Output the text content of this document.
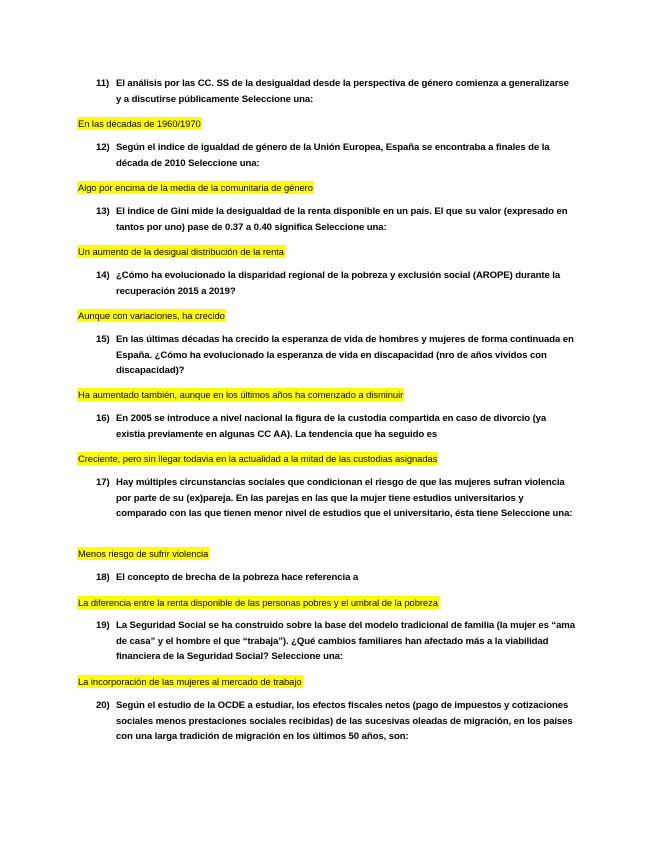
11) El análisis por las CC. SS de la desigualdad desde la perspectiva de género comienza a generalizarse y a discutirse públicamente Seleccione una:
En las décadas de 1960/1970
12) Según el indice de igualdad de género de la Unión Europea, España se encontraba a finales de la década de 2010 Seleccione una:
Algo por encima de la media de la comunitaria de género
13) El indice de Gini mide la desigualdad de la renta disponible en un país. El que su valor (expresado en tantos por uno) pase de 0.37 a 0.40 significa Seleccione una:
Un aumento de la desigual distribución de la renta
14) ¿Cómo ha evolucionado la disparidad regional de la pobreza y exclusión social (AROPE) durante la recuperación 2015 a 2019?
Aunque con variaciones, ha crecido
15) En las últimas décadas ha crecido la esperanza de vida de hombres y mujeres de forma continuada en España. ¿Cómo ha evolucionado la esperanza de vida en discapacidad (nro de años vividos con discapacidad)?
Ha aumentado también, aunque en los últimos años ha comenzado a disminuir
16) En 2005 se introduce a nivel nacional la figura de la custodia compartida en caso de divorcio (ya existia previamente en algunas CC AA). La tendencia que ha seguido es
Creciente, pero sin llegar todavia en la actualidad a la mitad de las custodias asignadas
17) Hay múltiples circunstancias sociales que condicionan el riesgo de que las mujeres sufran violencia por parte de su (ex)pareja. En las parejas en las que la mujer tiene estudios universitarios y comparado con las que tienen menor nivel de estudios que el universitario, ésta tiene Seleccione una:
Menos riesgo de sufrir violencia
18) El concepto de brecha de la pobreza hace referencia a
La diferencia entre la renta disponible de las personas pobres y el umbral de la pobreza
19) La Seguridad Social se ha construido sobre la base del modelo tradicional de familia (la mujer es “ama de casa” y el hombre el que “trabaja”). ¿Qué cambios familiares han afectado más a la viabilidad financiera de la Seguridad Social? Seleccione una:
La incorporación de las mujeres al mercado de trabajo
20) Según el estudio de la OCDE a estudiar, los efectos fiscales netos (pago de impuestos y cotizaciones sociales menos prestaciones sociales recibidas) de las sucesivas oleadas de migración, en los países con una larga tradición de migración en los últimos 50 años, son:
